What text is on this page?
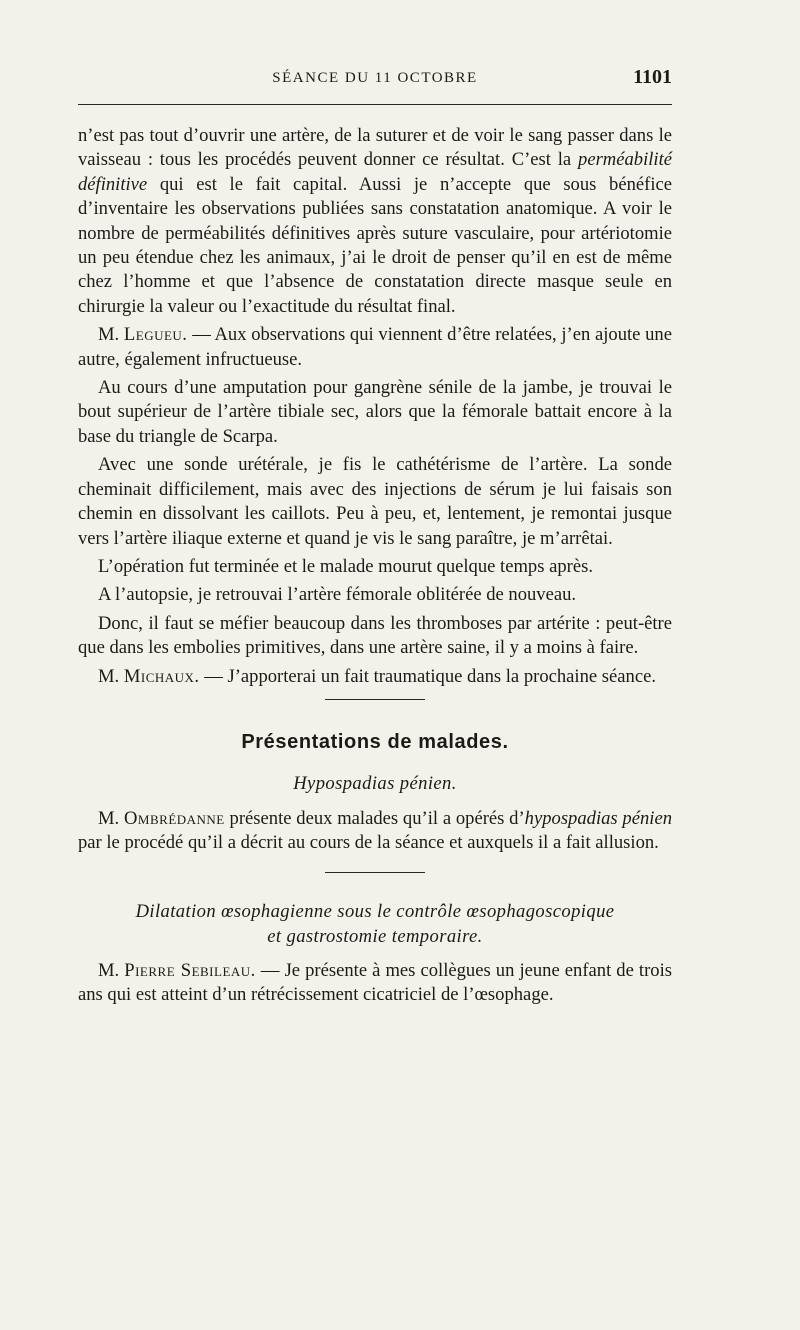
SÉANCE DU 11 OCTOBRE	1101

n’est pas tout d’ouvrir une artère, de la suturer et de voir le sang passer dans le vaisseau : tous les procédés peuvent donner ce résultat. C’est la perméabilité définitive qui est le fait capital. Aussi je n’accepte que sous bénéfice d’inventaire les observations publiées sans constatation anatomique. A voir le nombre de perméabilités définitives après suture vasculaire, pour artériotomie un peu étendue chez les animaux, j’ai le droit de penser qu’il en est de même chez l’homme et que l’absence de constatation directe masque seule en chirurgie la valeur ou l’exactitude du résultat final.

M. Legueu. — Aux observations qui viennent d’être relatées, j’en ajoute une autre, également infructueuse.

Au cours d’une amputation pour gangrène sénile de la jambe, je trouvai le bout supérieur de l’artère tibiale sec, alors que la fémorale battait encore à la base du triangle de Scarpa.

Avec une sonde urétérale, je fis le cathétérisme de l’artère. La sonde cheminait difficilement, mais avec des injections de sérum je lui faisais son chemin en dissolvant les caillots. Peu à peu, et, lentement, je remontai jusque vers l’artère iliaque externe et quand je vis le sang paraître, je m’arrêtai.

L’opération fut terminée et le malade mourut quelque temps après.

A l’autopsie, je retrouvai l’artère fémorale oblitérée de nouveau.

Donc, il faut se méfier beaucoup dans les thromboses par artérite : peut-être que dans les embolies primitives, dans une artère saine, il y a moins à faire.

M. Michaux. — J’apporterai un fait traumatique dans la prochaine séance.

Présentations de malades.
Hypospadias pénien.

M. Ombrédanne présente deux malades qu’il a opérés d’hypospadias pénien par le procédé qu’il a décrit au cours de la séance et auxquels il a fait allusion.

Dilatation œsophagienne sous le contrôle œsophagoscopique
et gastrostomie temporaire.

M. Pierre Sebileau. — Je présente à mes collègues un jeune enfant de trois ans qui est atteint d’un rétrécissement cicatriciel de l’œsophage.
